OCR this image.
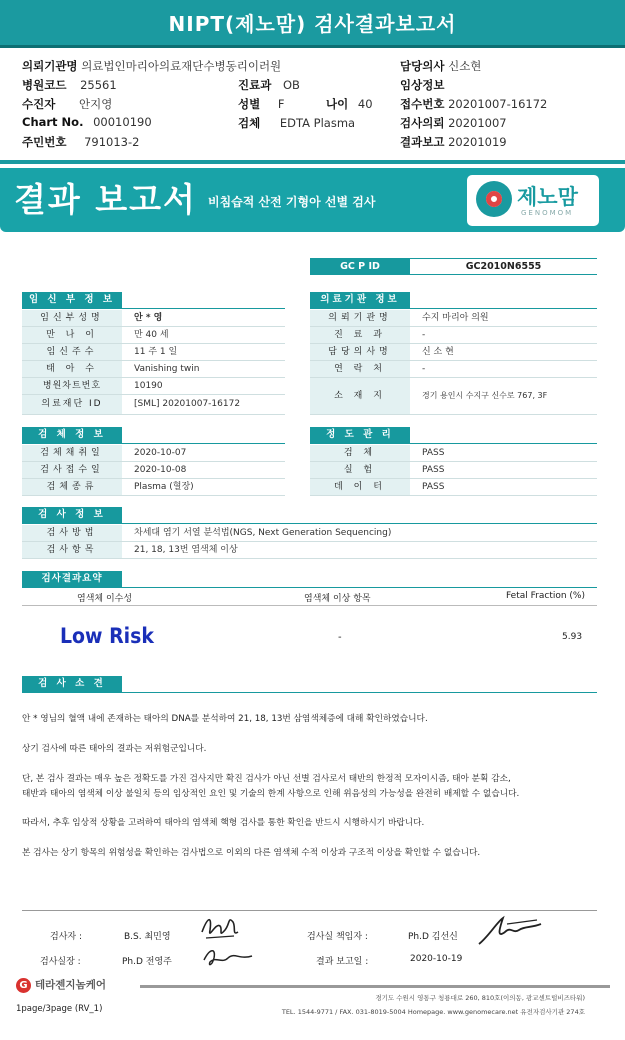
NIPT(제노맘) 검사결과보고서
의뢰기관명 의료법인마리아의료재단수병동리이러원
병원코드 25561	진료과 OB
수진자 안지영	성별 F	나이 40
Chart No. 00010190	검체 EDTA Plasma
주민번호 791013-2
담당의사 신소현
임상정보
접수번호 20201007-16172
검사의뢰 20201007
결과보고 20201019
결과 보고서 비침습적 산전 기형아 선별 검사	제노맘
GENOMOM
GC P ID	GC2010N6555
임 신 부 정 보
임신부성명	안 * 영
만 나 이	만 40 세
임신주수	11 주 1 일
태 아 수	Vanishing twin
병원차트번호	10190
의료재단 ID	[SML] 20201007-16172
의료기관 정보
의뢰기관명	수지 마리아 의원
진 료 과	-
담당의사명	신 소 현
연 락 처	-
소 재 지	경기 용인시 수지구 신수로 767, 3F
검 체 정 보
검체채취일	2020-10-07
검사접수일	2020-10-08
검체종류	Plasma (혈장)
정 도 관 리
검 체	PASS
실 험	PASS
데 이 터	PASS
검 사 정 보
검사방법	차세대 염기 서열 분석법(NGS, Next Generation Sequencing)
검사항목	21, 18, 13번 염색체 이상
검사결과요약
염색체 이수성	염색체 이상 항목	Fetal Fraction (%)
Low Risk	-	5.93
검 사 소 견
안 * 영님의 혈액 내에 존재하는 태아의 DNA를 분석하여 21, 18, 13번 삼염색체증에 대해 확인하였습니다.
상기 검사에 따른 태아의 결과는 저위험군입니다.
단, 본 검사 결과는 매우 높은 정확도를 가진 검사지만 확진 검사가 아닌 선별 검사로서 태반의 한정적 모자이시즘, 태아 분획 감소,
태반과 태아의 염색체 이상 불일치 등의 임상적인 요인 및 기술의 한계 사항으로 인해 위음성의 가능성을 완전히 배제할 수 없습니다.
따라서, 추후 임상적 상황을 고려하여 태아의 염색체 핵형 검사를 통한 확인을 반드시 시행하시기 바랍니다.
본 검사는 상기 항목의 위험성을 확인하는 검사법으로 이외의 다른 염색체 수적 이상과 구조적 이상을 확인할 수 없습니다.
검사자 :	B.S. 최민영	검사실 책임자 :	Ph.D 김선신
검사실장 :	Ph.D 전영주	결과 보고일 :	2020-10-19
G 테라젠지놈케어
1page/3page (RV_1)
경기도 수원시 영통구 청룡대로 260, 810호(이의동, 광교센트럴비즈타워)
TEL. 1544-9771 / FAX. 031-8019-5004 Homepage. www.genomecare.net 유전자검사기관 274호
